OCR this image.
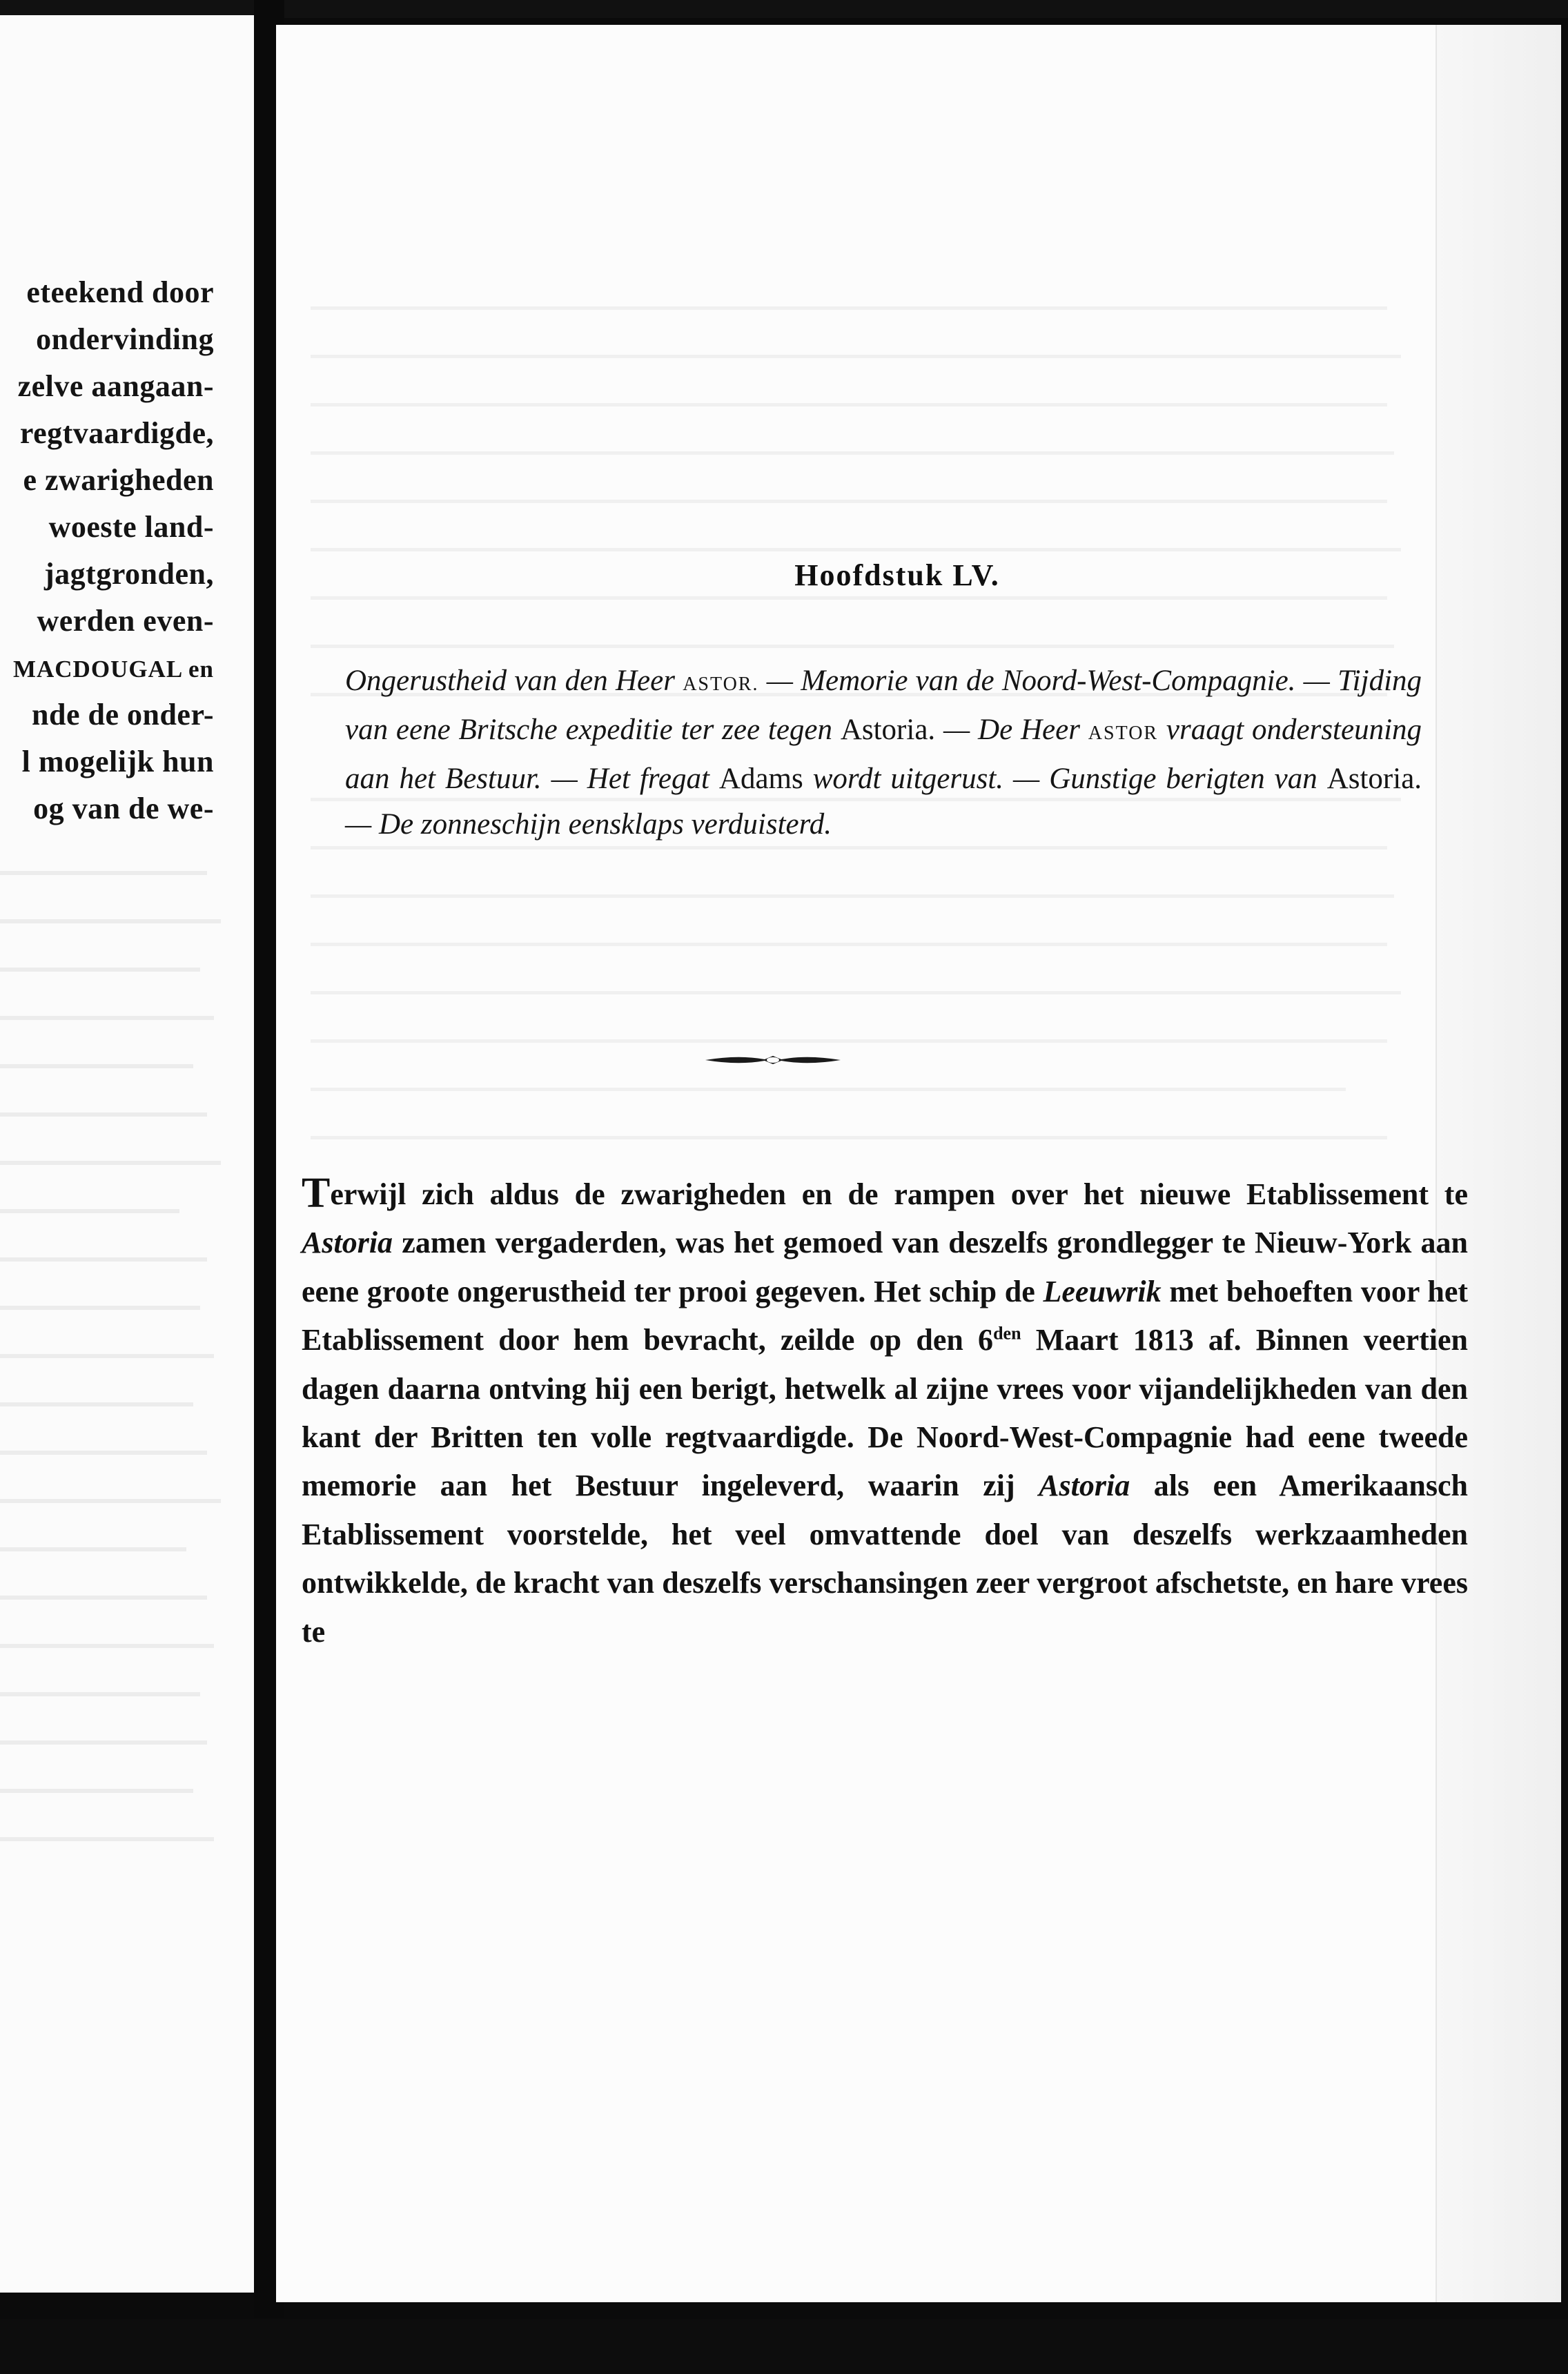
eteekend door
ondervinding
zelve aangaan-
regtvaardigde,
e zwarigheden
woeste land-
jagtgronden,
werden even-
MACDOUGAL en
nde de onder-
l mogelijk hun
og van de we-
Hoofdstuk LV.
Ongerustheid van den Heer ASTOR. — Memorie van de Noord-West-Compagnie. — Tijding van eene Britsche expeditie ter zee tegen Astoria. — De Heer ASTOR vraagt ondersteuning aan het Bestuur. — Het fregat Adams wordt uitgerust. — Gunstige berigten van Astoria. — De zonneschijn eensklaps verduisterd.
Terwijl zich aldus de zwarigheden en de rampen over het nieuwe Etablissement te Astoria zamen vergaderden, was het gemoed van deszelfs grondlegger te Nieuw-York aan eene groote ongerustheid ter prooi gegeven. Het schip de Leeuwrik met behoeften voor het Etablissement door hem bevracht, zeilde op den $6^{den}$ Maart 1813 af. Binnen veertien dagen daarna ontving hij een berigt, hetwelk al zijne vrees voor vijandelijkheden van den kant der Britten ten volle regtvaardigde. De Noord-West-Compagnie had eene tweede memorie aan het Bestuur ingeleverd, waarin zij Astoria als een Amerikaansch Etablissement voorstelde, het veel omvattende doel van deszelfs werkzaamheden ontwikkelde, de kracht van deszelfs verschansingen zeer vergroot afschetste, en hare vrees te
